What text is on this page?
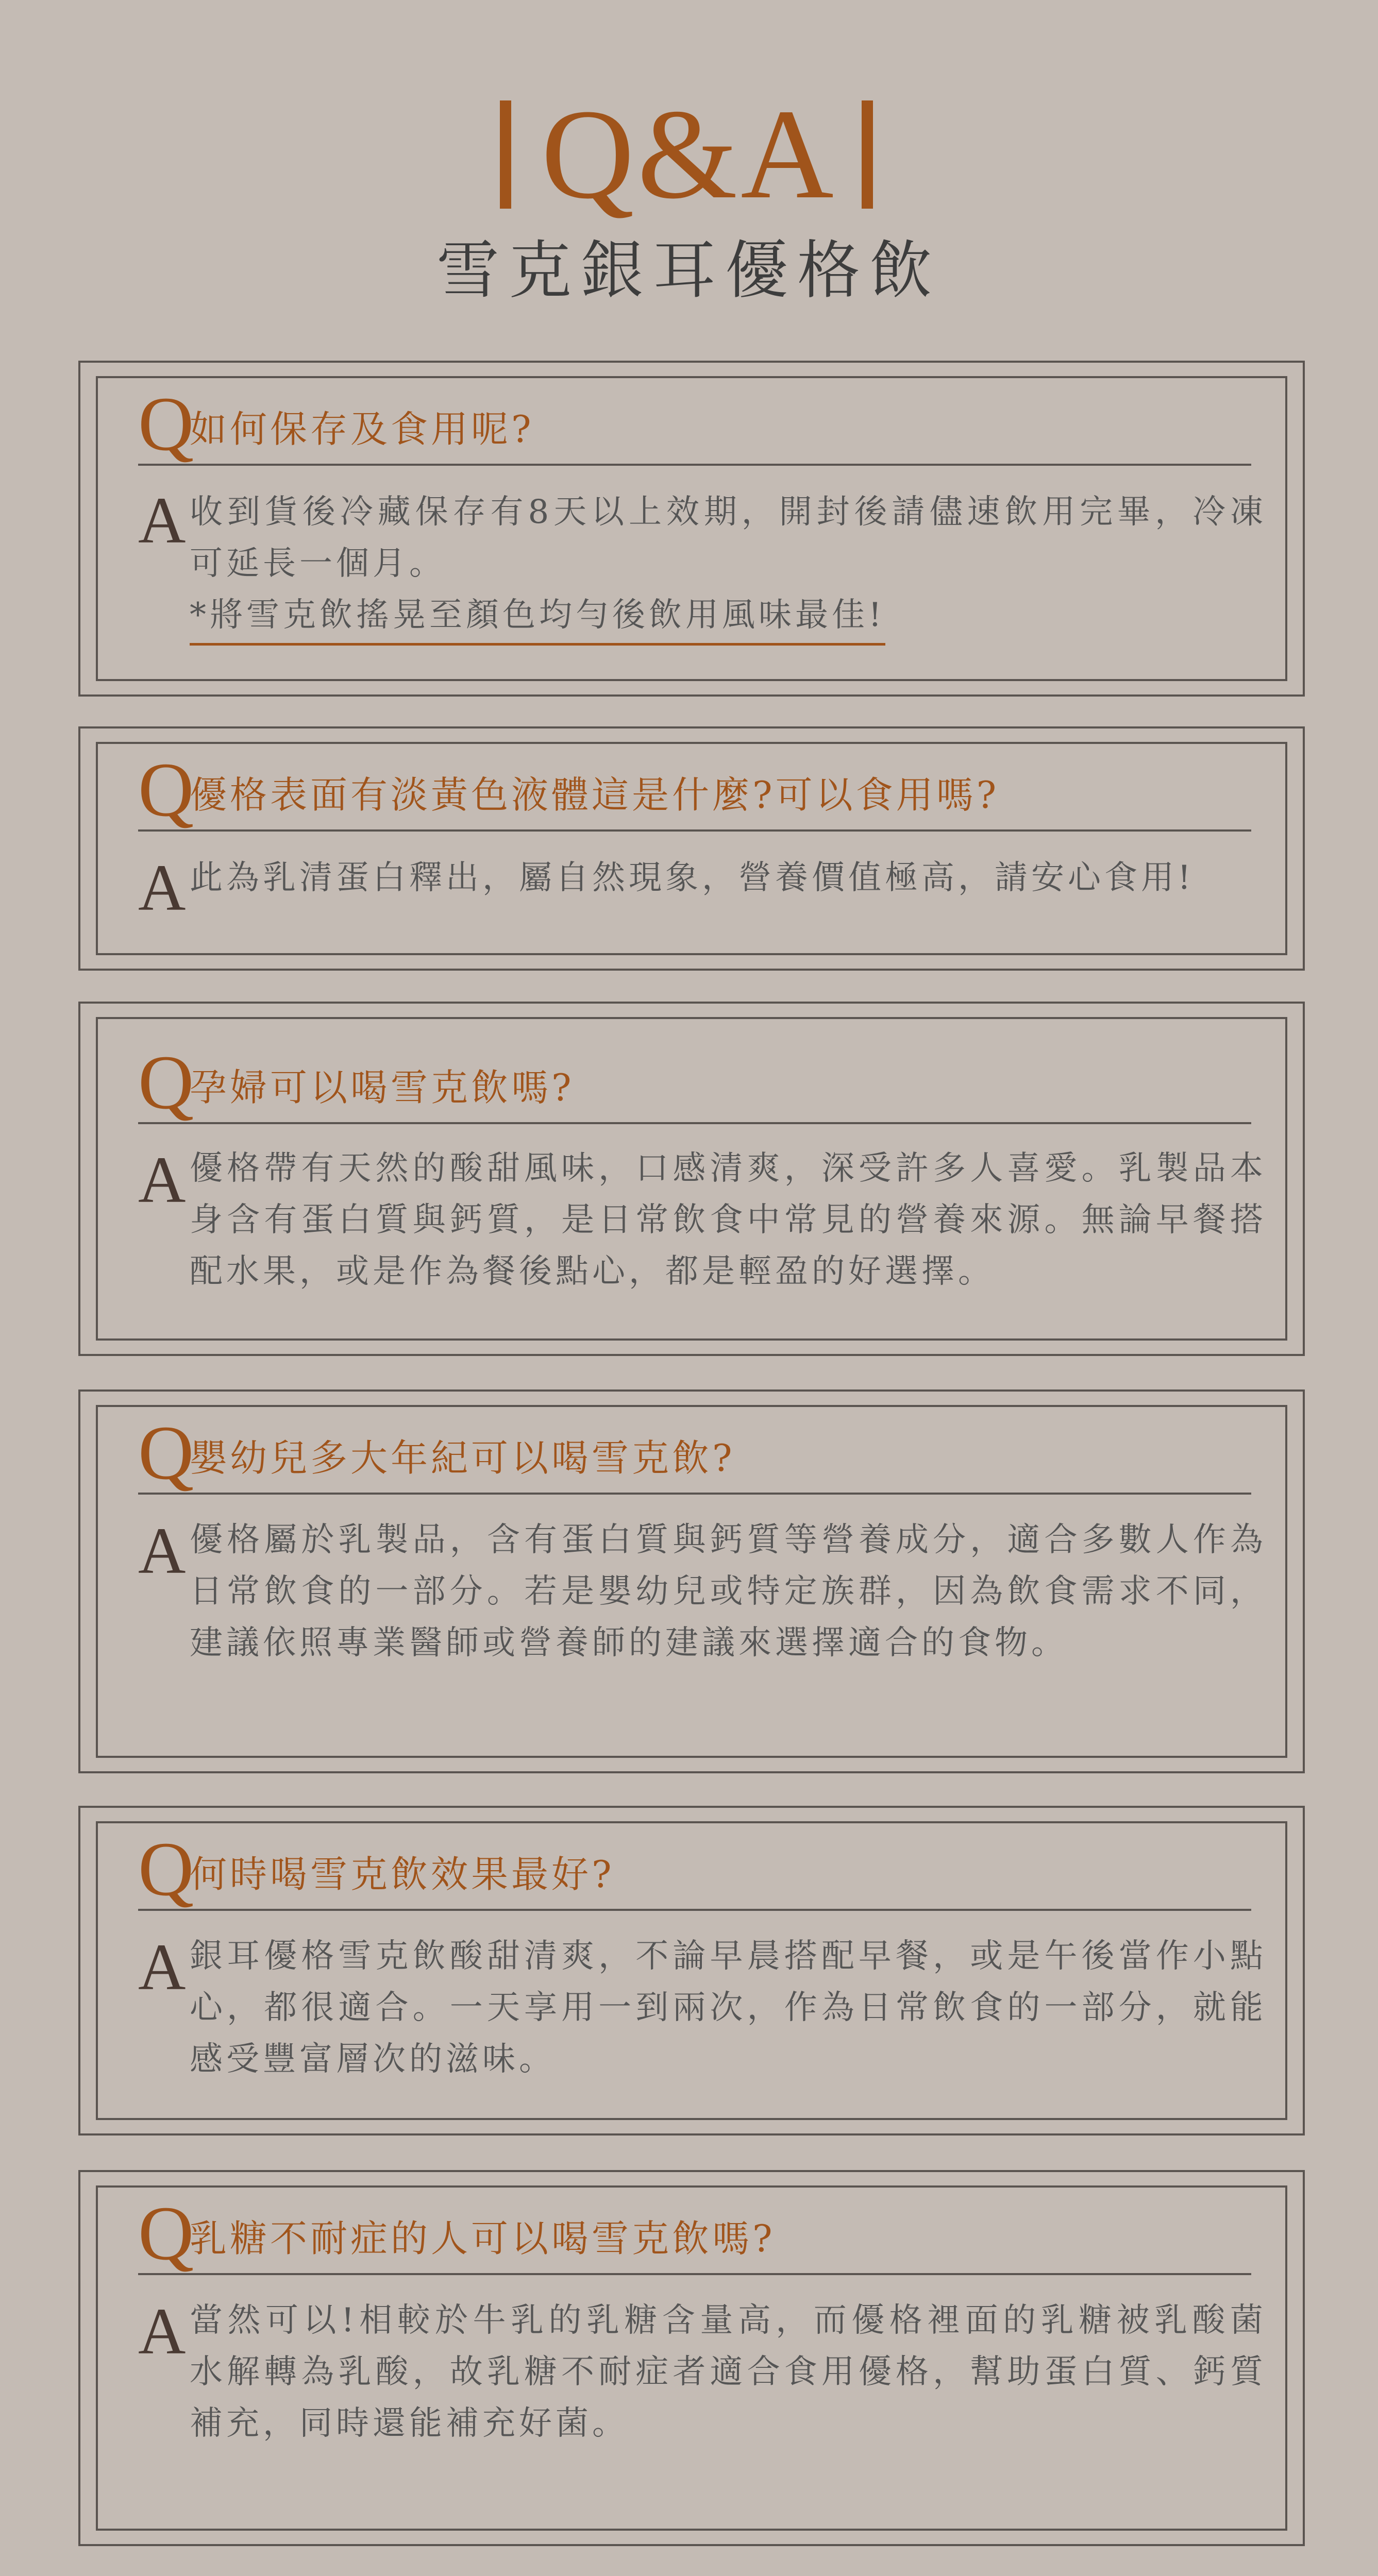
Q&A
雪克銀耳優格飲
Q
如何保存及食用呢?
A 收到貨後冷藏保存有8天以上效期，開封後請儘速飲用完畢，冷凍可延長一個月。
*將雪克飲搖晃至顏色均勻後飲用風味最佳!
Q
優格表面有淡黃色液體這是什麼?可以食用嗎?
A 此為乳清蛋白釋出，屬自然現象，營養價值極高，請安心食用!
Q
孕婦可以喝雪克飲嗎?
A 優格帶有天然的酸甜風味，口感清爽，深受許多人喜愛。乳製品本身含有蛋白質與鈣質，是日常飲食中常見的營養來源。無論早餐搭配水果，或是作為餐後點心，都是輕盈的好選擇。
Q
嬰幼兒多大年紀可以喝雪克飲?
A 優格屬於乳製品，含有蛋白質與鈣質等營養成分，適合多數人作為日常飲食的一部分。若是嬰幼兒或特定族群，因為飲食需求不同，建議依照專業醫師或營養師的建議來選擇適合的食物。
Q
何時喝雪克飲效果最好?
A 銀耳優格雪克飲酸甜清爽，不論早晨搭配早餐，或是午後當作小點心，都很適合。一天享用一到兩次，作為日常飲食的一部分，就能感受豐富層次的滋味。
Q
乳糖不耐症的人可以喝雪克飲嗎?
A 當然可以!相較於牛乳的乳糖含量高，而優格裡面的乳糖被乳酸菌水解轉為乳酸，故乳糖不耐症者適合食用優格，幫助蛋白質、鈣質補充，同時還能補充好菌。
